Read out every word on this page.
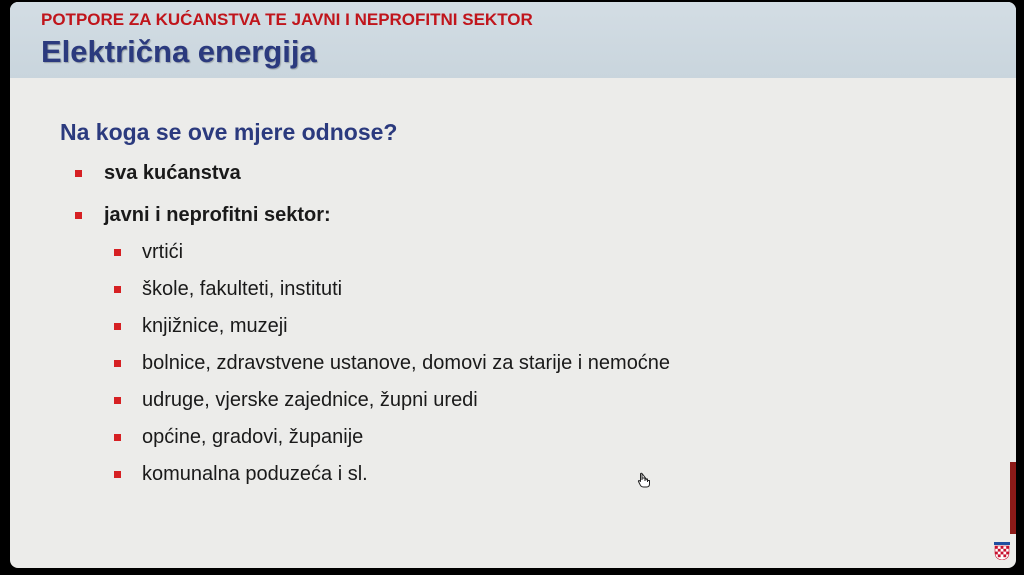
POTPORE ZA KUĆANSTVA TE JAVNI I NEPROFITNI SEKTOR
Električna energija
Na koga se ove mjere odnose?
sva kućanstva
javni i neprofitni sektor:
vrtići
škole, fakulteti, instituti
knjižnice, muzeji
bolnice, zdravstvene ustanove, domovi za starije i nemoćne
udruge, vjerske zajednice, župni uredi
općine, gradovi, županije
komunalna poduzeća i sl.
